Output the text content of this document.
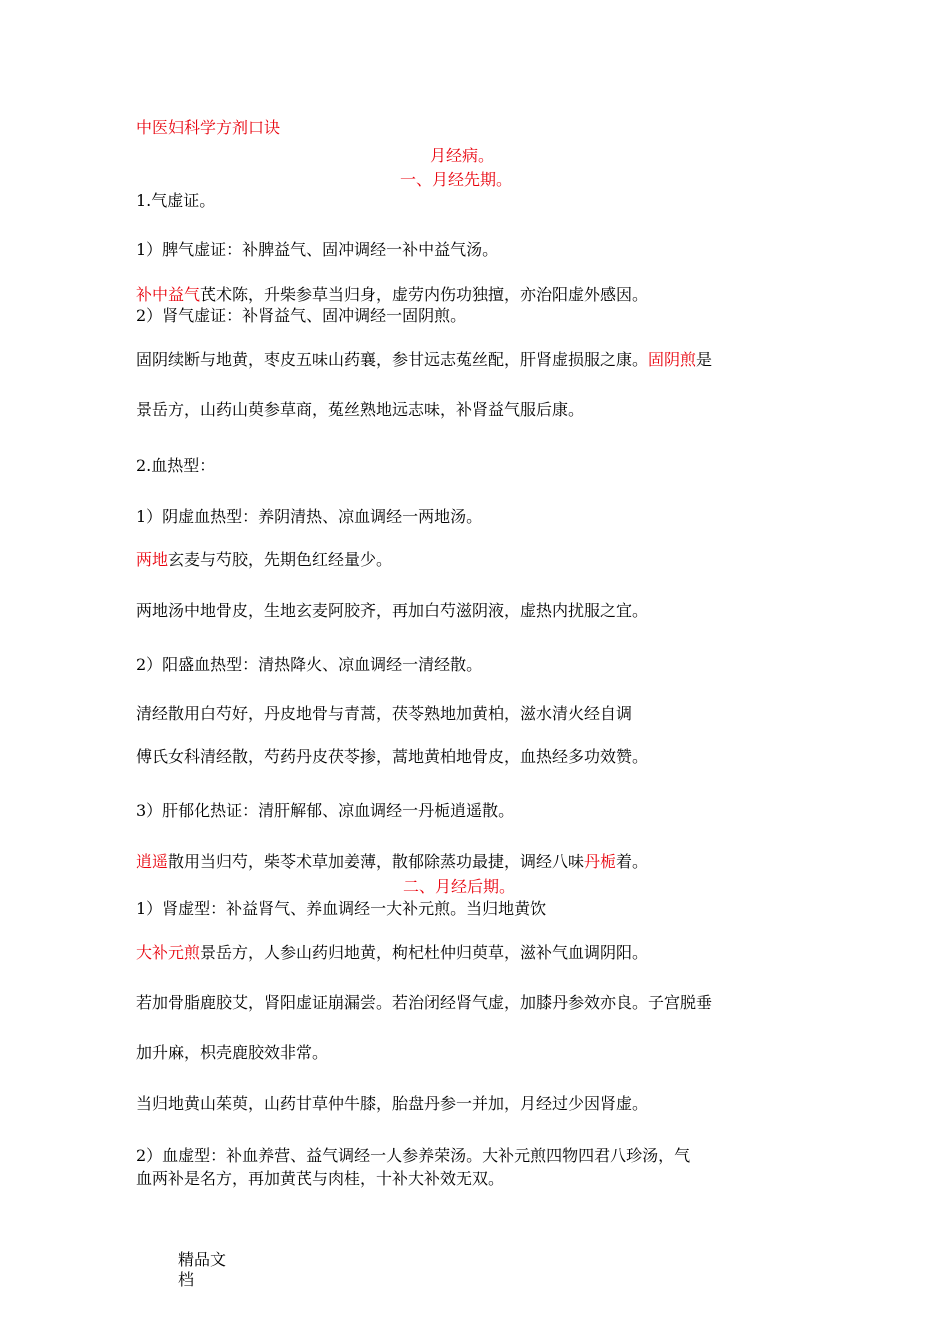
中医妇科学方剂口诀
月经病。
一、月经先期。
1.气虚证。
1）脾气虚证：补脾益气、固冲调经一补中益气汤。
补中益气芪术陈，升柴参草当归身，虚劳内伤功独擅，亦治阳虚外感因。
2）肾气虚证：补肾益气、固冲调经一固阴煎。
固阴续断与地黄，枣皮五味山药襄，参甘远志菟丝配，肝肾虚损服之康。固阴煎是
景岳方，山药山萸参草商，菟丝熟地远志味，补肾益气服后康。
2.血热型：
1）阴虚血热型：养阴清热、凉血调经一两地汤。
两地玄麦与芍胶，先期色红经量少。
两地汤中地骨皮，生地玄麦阿胶齐，再加白芍滋阴液，虚热内扰服之宜。
2）阳盛血热型：清热降火、凉血调经一清经散。
清经散用白芍好，丹皮地骨与青蒿，茯苓熟地加黄柏，滋水清火经自调
傅氏女科清经散，芍药丹皮茯苓掺，蒿地黄柏地骨皮，血热经多功效赞。
3）肝郁化热证：清肝解郁、凉血调经一丹栀逍遥散。
逍遥散用当归芍，柴苓术草加姜薄，散郁除蒸功最捷，调经八味丹栀着。
二、月经后期。
1）肾虚型：补益肾气、养血调经一大补元煎。当归地黄饮
大补元煎景岳方，人参山药归地黄，枸杞杜仲归萸草，滋补气血调阴阳。
若加骨脂鹿胶艾，肾阳虚证崩漏尝。若治闭经肾气虚，加膝丹参效亦良。子宫脱垂
加升麻，枳壳鹿胶效非常。
当归地黄山茱萸，山药甘草仲牛膝，胎盘丹参一并加，月经过少因肾虚。
2）血虚型：补血养营、益气调经一人参养荣汤。大补元煎四物四君八珍汤，气
血两补是名方，再加黄芪与肉桂，十补大补效无双。
精品文
档
